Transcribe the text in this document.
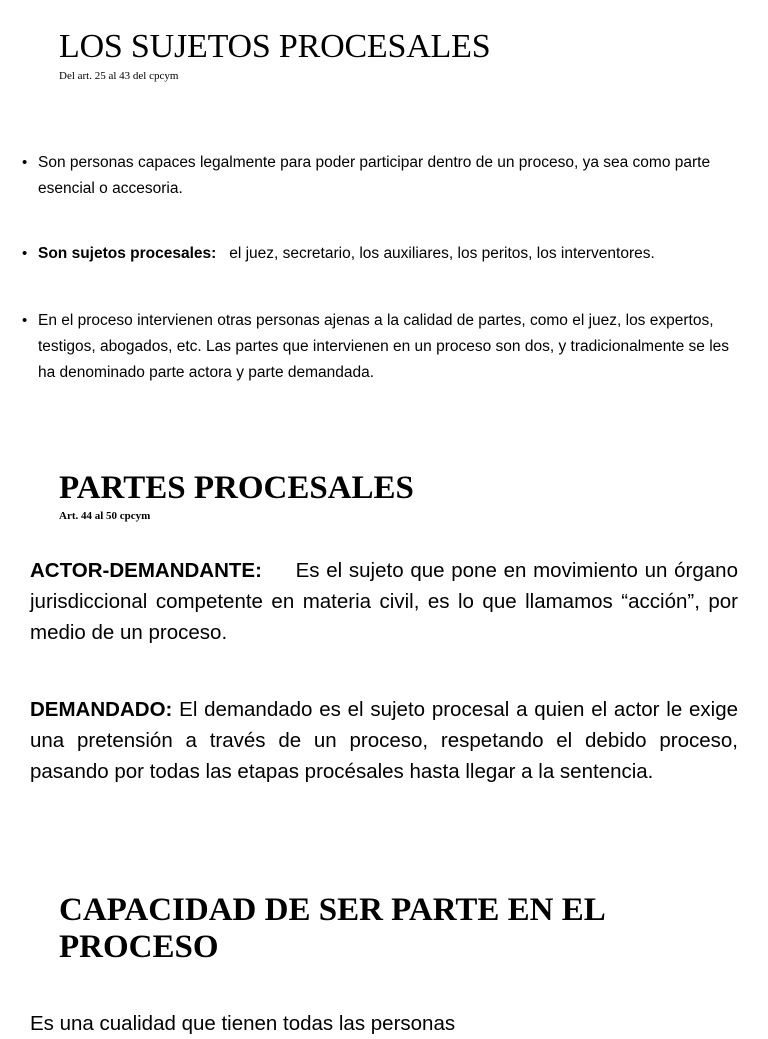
LOS SUJETOS PROCESALES
Del art. 25 al 43 del cpcym
• Son personas capaces legalmente para poder participar dentro de un proceso, ya sea como parte esencial o accesoria.
• Son sujetos procesales: el juez, secretario, los auxiliares, los peritos, los interventores.
• En el proceso intervienen otras personas ajenas a la calidad de partes, como el juez, los expertos, testigos, abogados, etc. Las partes que intervienen en un proceso son dos, y tradicionalmente se les ha denominado parte actora y parte demandada.
PARTES PROCESALES
Art. 44 al 50 cpcym
ACTOR-DEMANDANTE: Es el sujeto que pone en movimiento un órgano jurisdiccional competente en materia civil, es lo que llamamos “acción”, por medio de un proceso.
DEMANDADO: El demandado es el sujeto procesal a quien el actor le exige una pretensión a través de un proceso, respetando el debido proceso, pasando por todas las etapas procésales hasta llegar a la sentencia.
CAPACIDAD DE SER PARTE EN EL PROCESO
Es una cualidad que tienen todas las personas
